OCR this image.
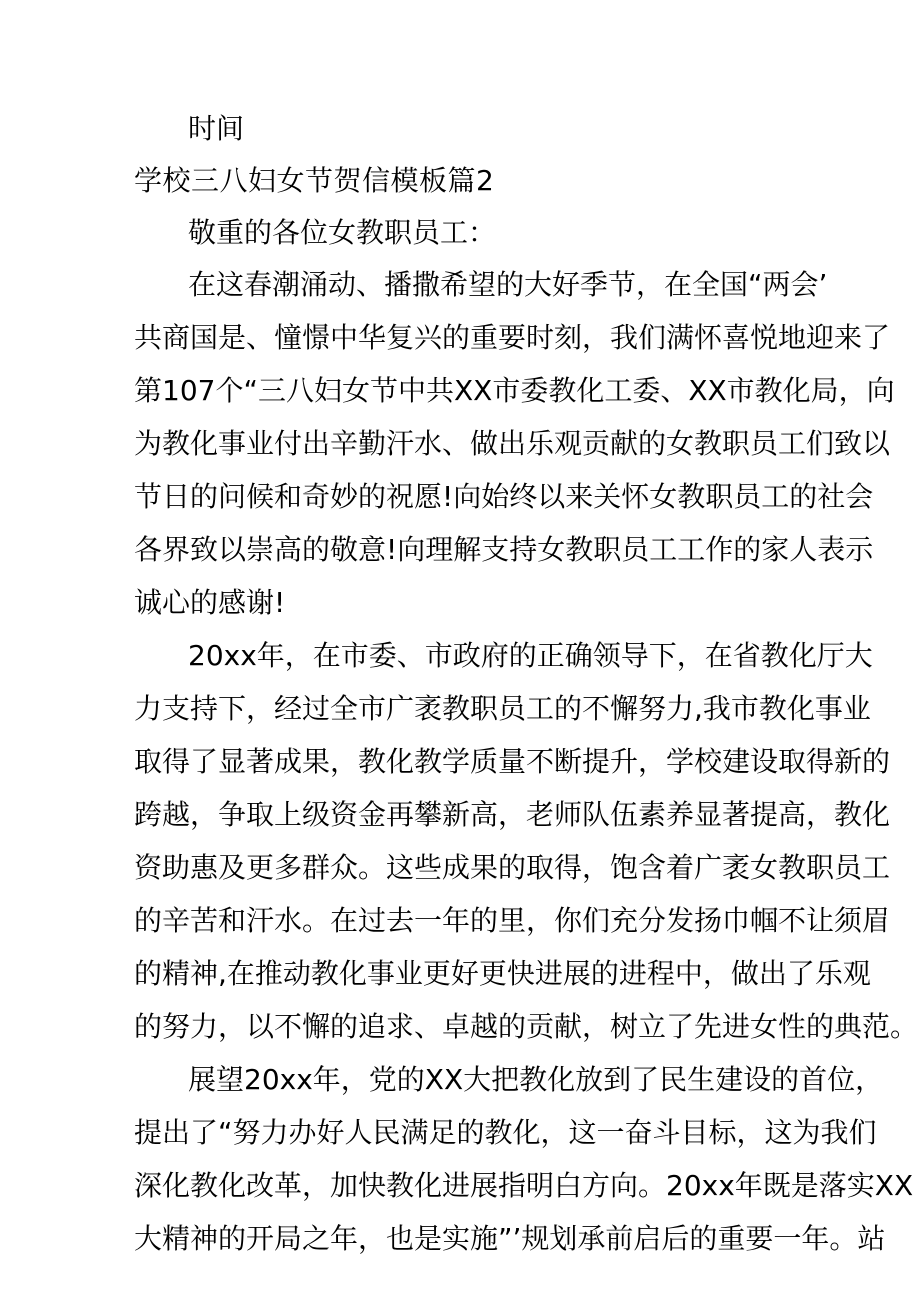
时间
学校三八妇女节贺信模板篇2
敬重的各位女教职员工：
在这春潮涌动、播撒希望的大好季节，在全国“两会’
共商国是、憧憬中华复兴的重要时刻，我们满怀喜悦地迎来了
第107个“三八妇女节中共XX市委教化工委、XX市教化局，向
为教化事业付出辛勤汗水、做出乐观贡献的女教职员工们致以
节日的问候和奇妙的祝愿!向始终以来关怀女教职员工的社会
各界致以崇高的敬意!向理解支持女教职员工工作的家人表示
诚心的感谢!
20xx年，在市委、市政府的正确领导下，在省教化厅大
力支持下，经过全市广袤教职员工的不懈努力,我市教化事业
取得了显著成果，教化教学质量不断提升，学校建设取得新的
跨越，争取上级资金再攀新高，老师队伍素养显著提高，教化
资助惠及更多群众。这些成果的取得，饱含着广袤女教职员工
的辛苦和汗水。在过去一年的里，你们充分发扬巾帼不让须眉
的精神,在推动教化事业更好更快进展的进程中，做出了乐观
的努力，以不懈的追求、卓越的贡献，树立了先进女性的典范。
展望20xx年，党的XX大把教化放到了民生建设的首位，
提出了“努力办好人民满足的教化，这一奋斗目标，这为我们
深化教化改革，加快教化进展指明白方向。20xx年既是落实XX
大精神的开局之年，也是实施”’规划承前启后的重要一年。站
